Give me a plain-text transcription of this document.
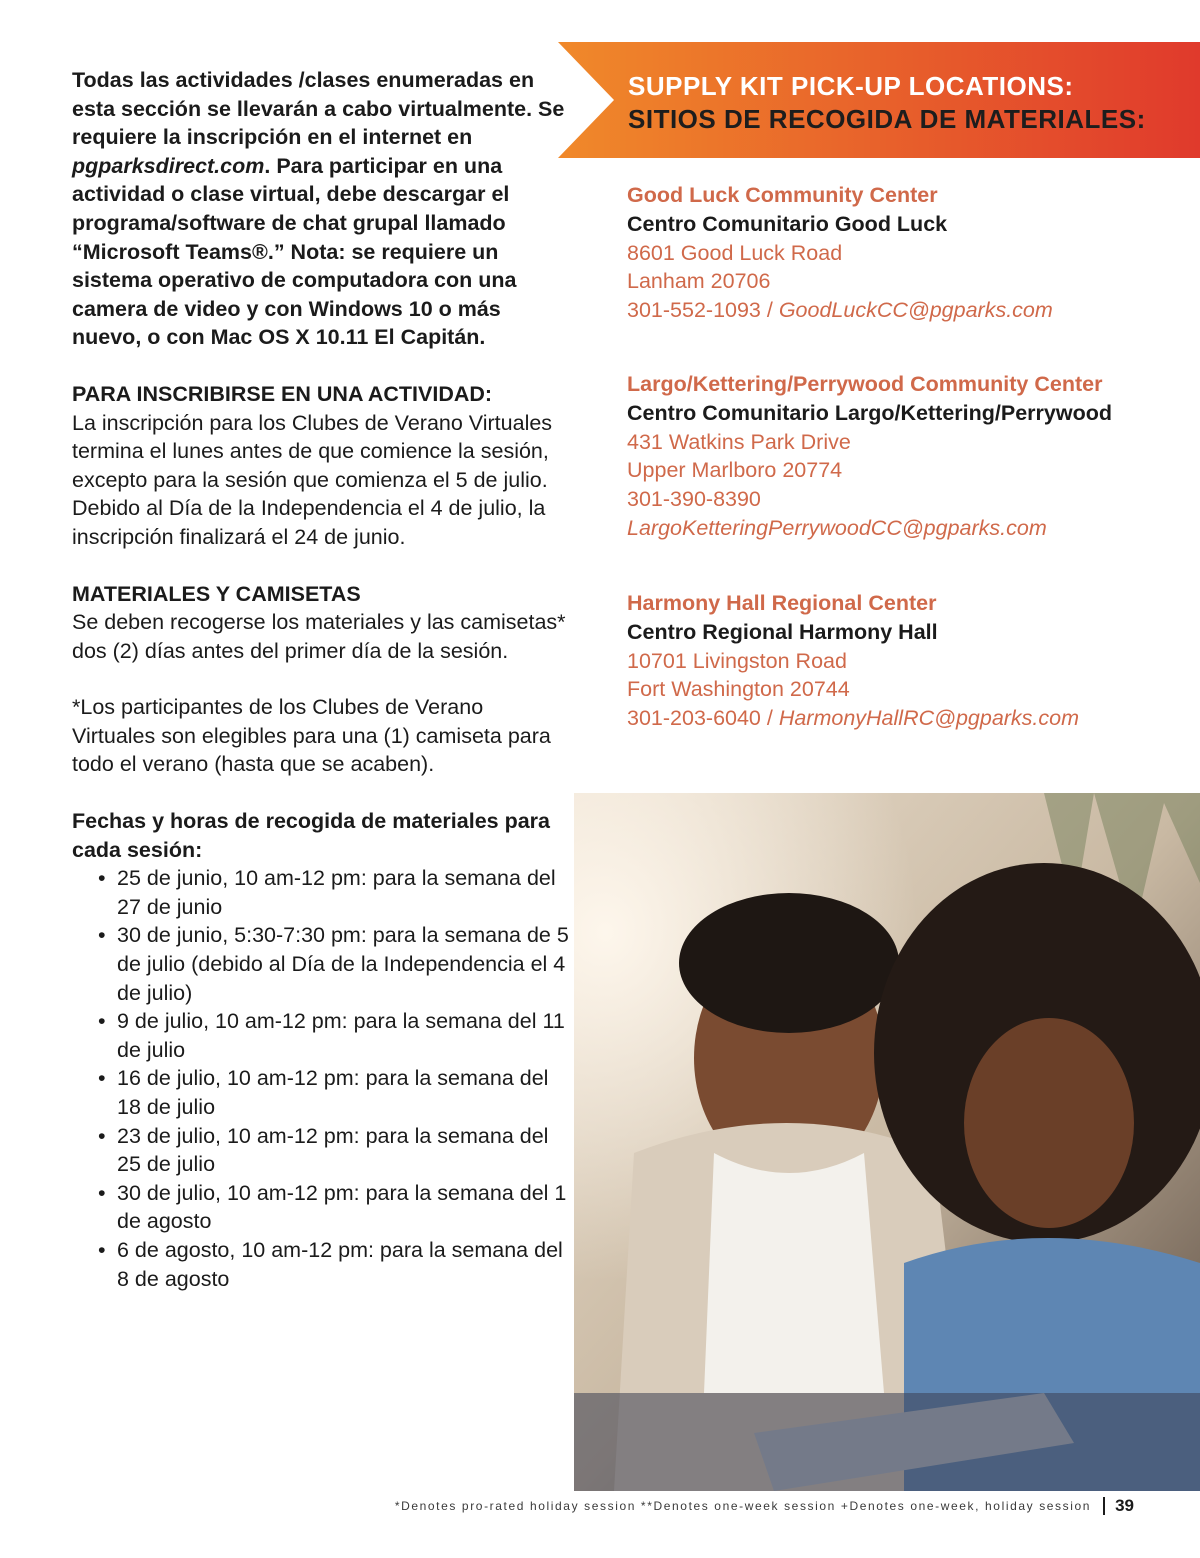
Todas las actividades /clases enumeradas en esta sección se llevarán a cabo virtualmente. Se requiere la inscripción en el internet en pgparksdirect.com. Para participar en una actividad o clase virtual, debe descargar el programa/software de chat grupal llamado “Microsoft Teams®.” Nota: se requiere un sistema operativo de computadora con una camera de video y con Windows 10 o más nuevo, o con Mac OS X 10.11 El Capitán.

PARA INSCRIBIRSE EN UNA ACTIVIDAD:

La inscripción para los Clubes de Verano Virtuales termina el lunes antes de que comience la sesión, excepto para la sesión que comienza el 5 de julio. Debido al Día de la Independencia el 4 de julio, la inscripción finalizará el 24 de junio.

MATERIALES Y CAMISETAS

Se deben recogerse los materiales y las camisetas* dos (2) días antes del primer día de la sesión.

*Los participantes de los Clubes de Verano Virtuales son elegibles para una (1) camiseta para todo el verano (hasta que se acaben).

Fechas y horas de recogida de materiales para cada sesión:

• 25 de junio, 10 am-12 pm: para la semana del 27 de junio
• 30 de junio, 5:30-7:30 pm: para la semana de 5 de julio (debido al Día de la Independencia el 4 de julio)
• 9 de julio, 10 am-12 pm: para la semana del 11 de julio
• 16 de julio, 10 am-12 pm: para la semana del 18 de julio
• 23 de julio, 10 am-12 pm: para la semana del 25 de julio
• 30 de julio, 10 am-12 pm: para la semana del 1 de agosto
• 6 de agosto, 10 am-12 pm: para la semana del 8 de agosto
SUPPLY KIT PICK-UP LOCATIONS:
SITIOS DE RECOGIDA DE MATERIALES:
Good Luck Community Center
Centro Comunitario Good Luck
8601 Good Luck Road
Lanham 20706
301-552-1093 / GoodLuckCC@pgparks.com
Largo/Kettering/Perrywood Community Center
Centro Comunitario Largo/Kettering/Perrywood
431 Watkins Park Drive
Upper Marlboro 20774
301-390-8390
LargoKetteringPerrywoodCC@pgparks.com
Harmony Hall Regional Center
Centro Regional Harmony Hall
10701 Livingston Road
Fort Washington 20744
301-203-6040 / HarmonyHallRC@pgparks.com
*Denotes pro-rated holiday session **Denotes one-week session +Denotes one-week, holiday session 39
